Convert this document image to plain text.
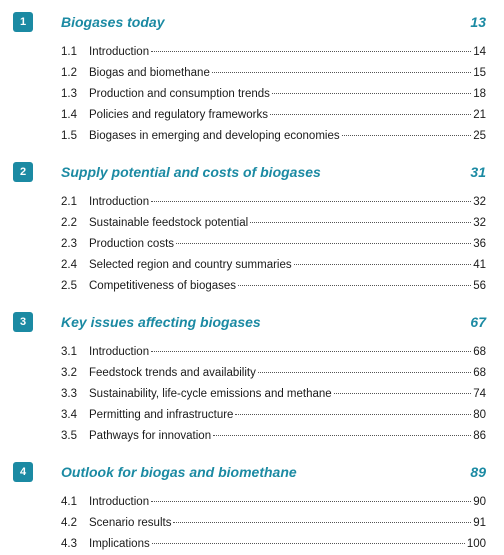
1	Biogases today	13
1.1	Introduction	14
1.2	Biogas and biomethane	15
1.3	Production and consumption trends	18
1.4	Policies and regulatory frameworks	21
1.5	Biogases in emerging and developing economies	25
2	Supply potential and costs of biogases	31
2.1	Introduction	32
2.2	Sustainable feedstock potential	32
2.3	Production costs	36
2.4	Selected region and country summaries	41
2.5	Competitiveness of biogases	56
3	Key issues affecting biogases	67
3.1	Introduction	68
3.2	Feedstock trends and availability	68
3.3	Sustainability, life-cycle emissions and methane	74
3.4	Permitting and infrastructure	80
3.5	Pathways for innovation	86
4	Outlook for biogas and biomethane	89
4.1	Introduction	90
4.2	Scenario results	91
4.3	Implications	100
